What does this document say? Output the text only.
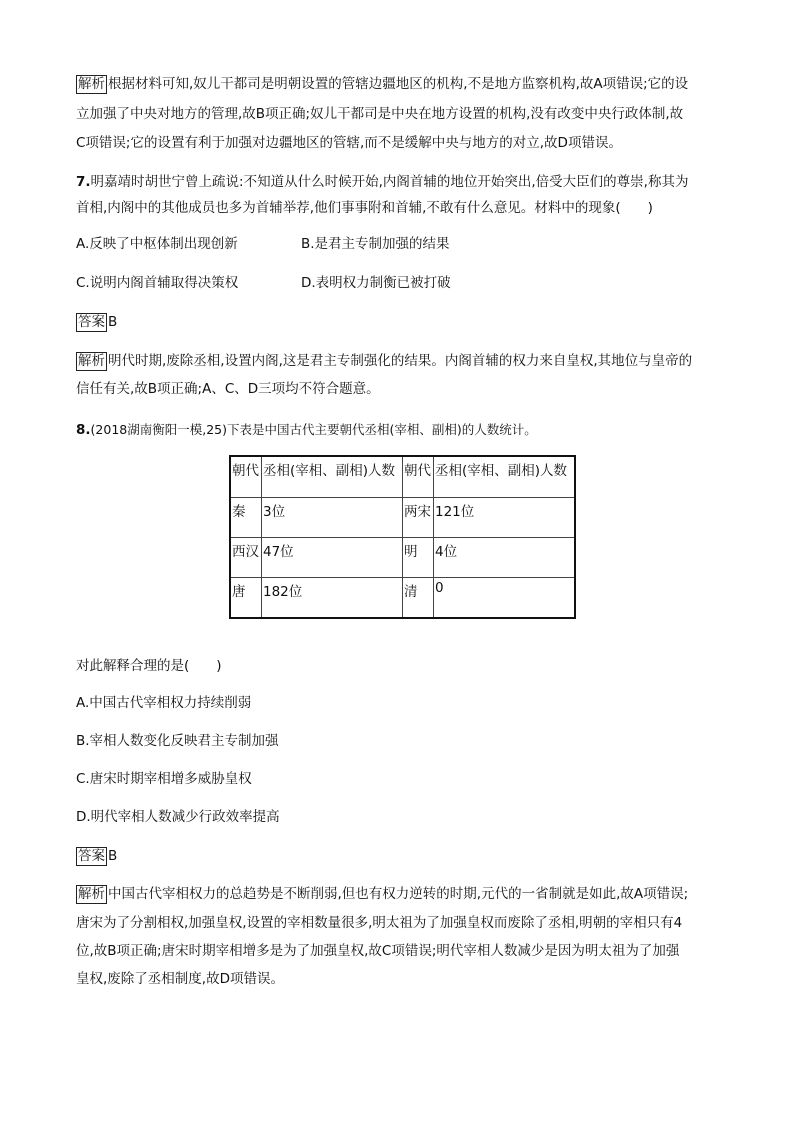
解析 根据材料可知,奴儿干都司是明朝设置的管辖边疆地区的机构,不是地方监察机构,故A项错误;它的设
立加强了中央对地方的管理,故B项正确;奴儿干都司是中央在地方设置的机构,没有改变中央行政体制,故
C项错误;它的设置有利于加强对边疆地区的管辖,而不是缓解中央与地方的对立,故D项错误。
7.明嘉靖时胡世宁曾上疏说:不知道从什么时候开始,内阁首辅的地位开始突出,倍受大臣们的尊崇,称其为
首相,内阁中的其他成员也多为首辅举荐,他们事事附和首辅,不敢有什么意见。材料中的现象(　　)
A.反映了中枢体制出现创新	B.是君主专制加强的结果
C.说明内阁首辅取得决策权	D.表明权力制衡已被打破
答案 B
解析 明代时期,废除丞相,设置内阁,这是君主专制强化的结果。内阁首辅的权力来自皇权,其地位与皇帝的
信任有关,故B项正确;A、C、D三项均不符合题意。
8.(2018湖南衡阳一模,25)下表是中国古代主要朝代丞相(宰相、副相)的人数统计。
朝代	丞相(宰相、副相)人数	朝代	丞相(宰相、副相)人数
秦	3位	两宋	121位
西汉	47位	明	4位
唐	182位	清	0
对此解释合理的是(　　)
A.中国古代宰相权力持续削弱
B.宰相人数变化反映君主专制加强
C.唐宋时期宰相增多威胁皇权
D.明代宰相人数减少行政效率提高
答案 B
解析 中国古代宰相权力的总趋势是不断削弱,但也有权力逆转的时期,元代的一省制就是如此,故A项错误;
唐宋为了分割相权,加强皇权,设置的宰相数量很多,明太祖为了加强皇权而废除了丞相,明朝的宰相只有4
位,故B项正确;唐宋时期宰相增多是为了加强皇权,故C项错误;明代宰相人数减少是因为明太祖为了加强
皇权,废除了丞相制度,故D项错误。
